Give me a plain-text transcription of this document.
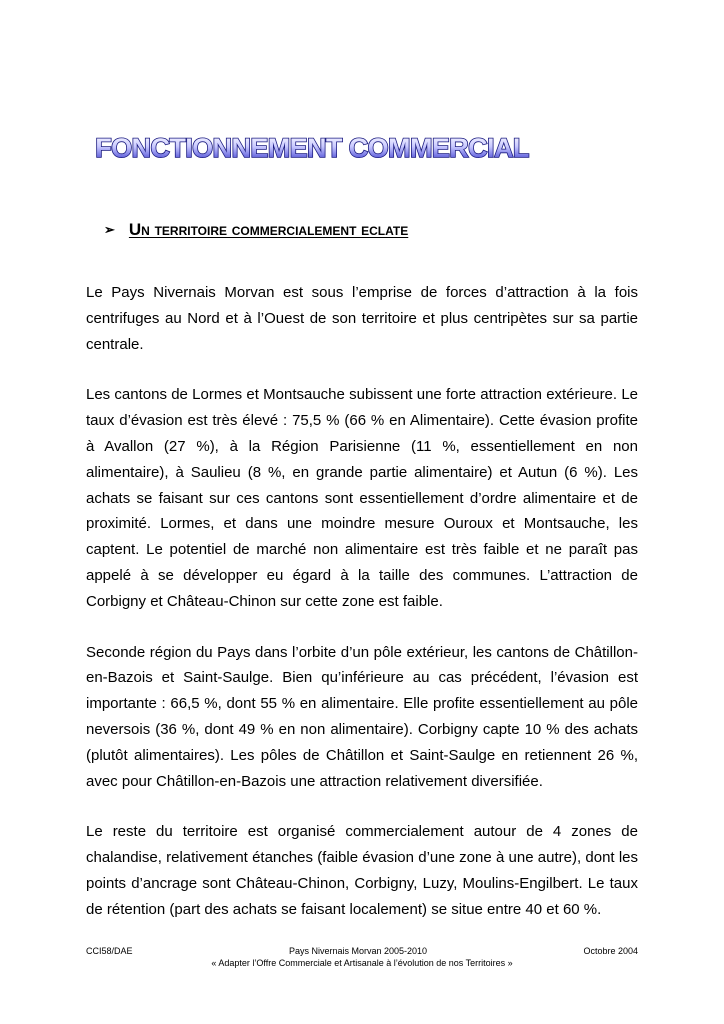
FONCTIONNEMENT COMMERCIAL
➢ Un territoire commercialement eclate

Le Pays Nivernais Morvan est sous l’emprise de forces d’attraction à la fois centrifuges au Nord et à l’Ouest de son territoire et plus centripètes sur sa partie centrale.

Les cantons de Lormes et Montsauche subissent une forte attraction extérieure. Le taux d’évasion est très élevé : 75,5 % (66 % en Alimentaire). Cette évasion profite à Avallon (27 %), à la Région Parisienne (11 %, essentiellement en non alimentaire), à Saulieu (8 %, en grande partie alimentaire) et Autun (6 %). Les achats se faisant sur ces cantons sont essentiellement d’ordre alimentaire et de proximité. Lormes, et dans une moindre mesure Ouroux et Montsauche, les captent. Le potentiel de marché non alimentaire est très faible et ne paraît pas appelé à se développer eu égard à la taille des communes. L’attraction de Corbigny et Château-Chinon sur cette zone est faible.

Seconde région du Pays dans l’orbite d’un pôle extérieur, les cantons de Châtillon-en-Bazois et Saint-Saulge. Bien qu’inférieure au cas précédent, l’évasion est importante : 66,5 %, dont 55 % en alimentaire. Elle profite essentiellement au pôle neversois (36 %, dont 49 % en non alimentaire). Corbigny capte 10 % des achats (plutôt alimentaires). Les pôles de Châtillon et Saint-Saulge en retiennent 26 %, avec pour Châtillon-en-Bazois une attraction relativement diversifiée.

Le reste du territoire est organisé commercialement autour de 4 zones de chalandise, relativement étanches (faible évasion d’une zone à une autre), dont les points d’ancrage sont Château-Chinon, Corbigny, Luzy, Moulins-Engilbert. Le taux de rétention (part des achats se faisant localement) se situe entre 40 et 60 %.

CCI58/DAE	Pays Nivernais Morvan 2005-2010	Octobre 2004
« Adapter l’Offre Commerciale et Artisanale à l’évolution de nos Territoires »
